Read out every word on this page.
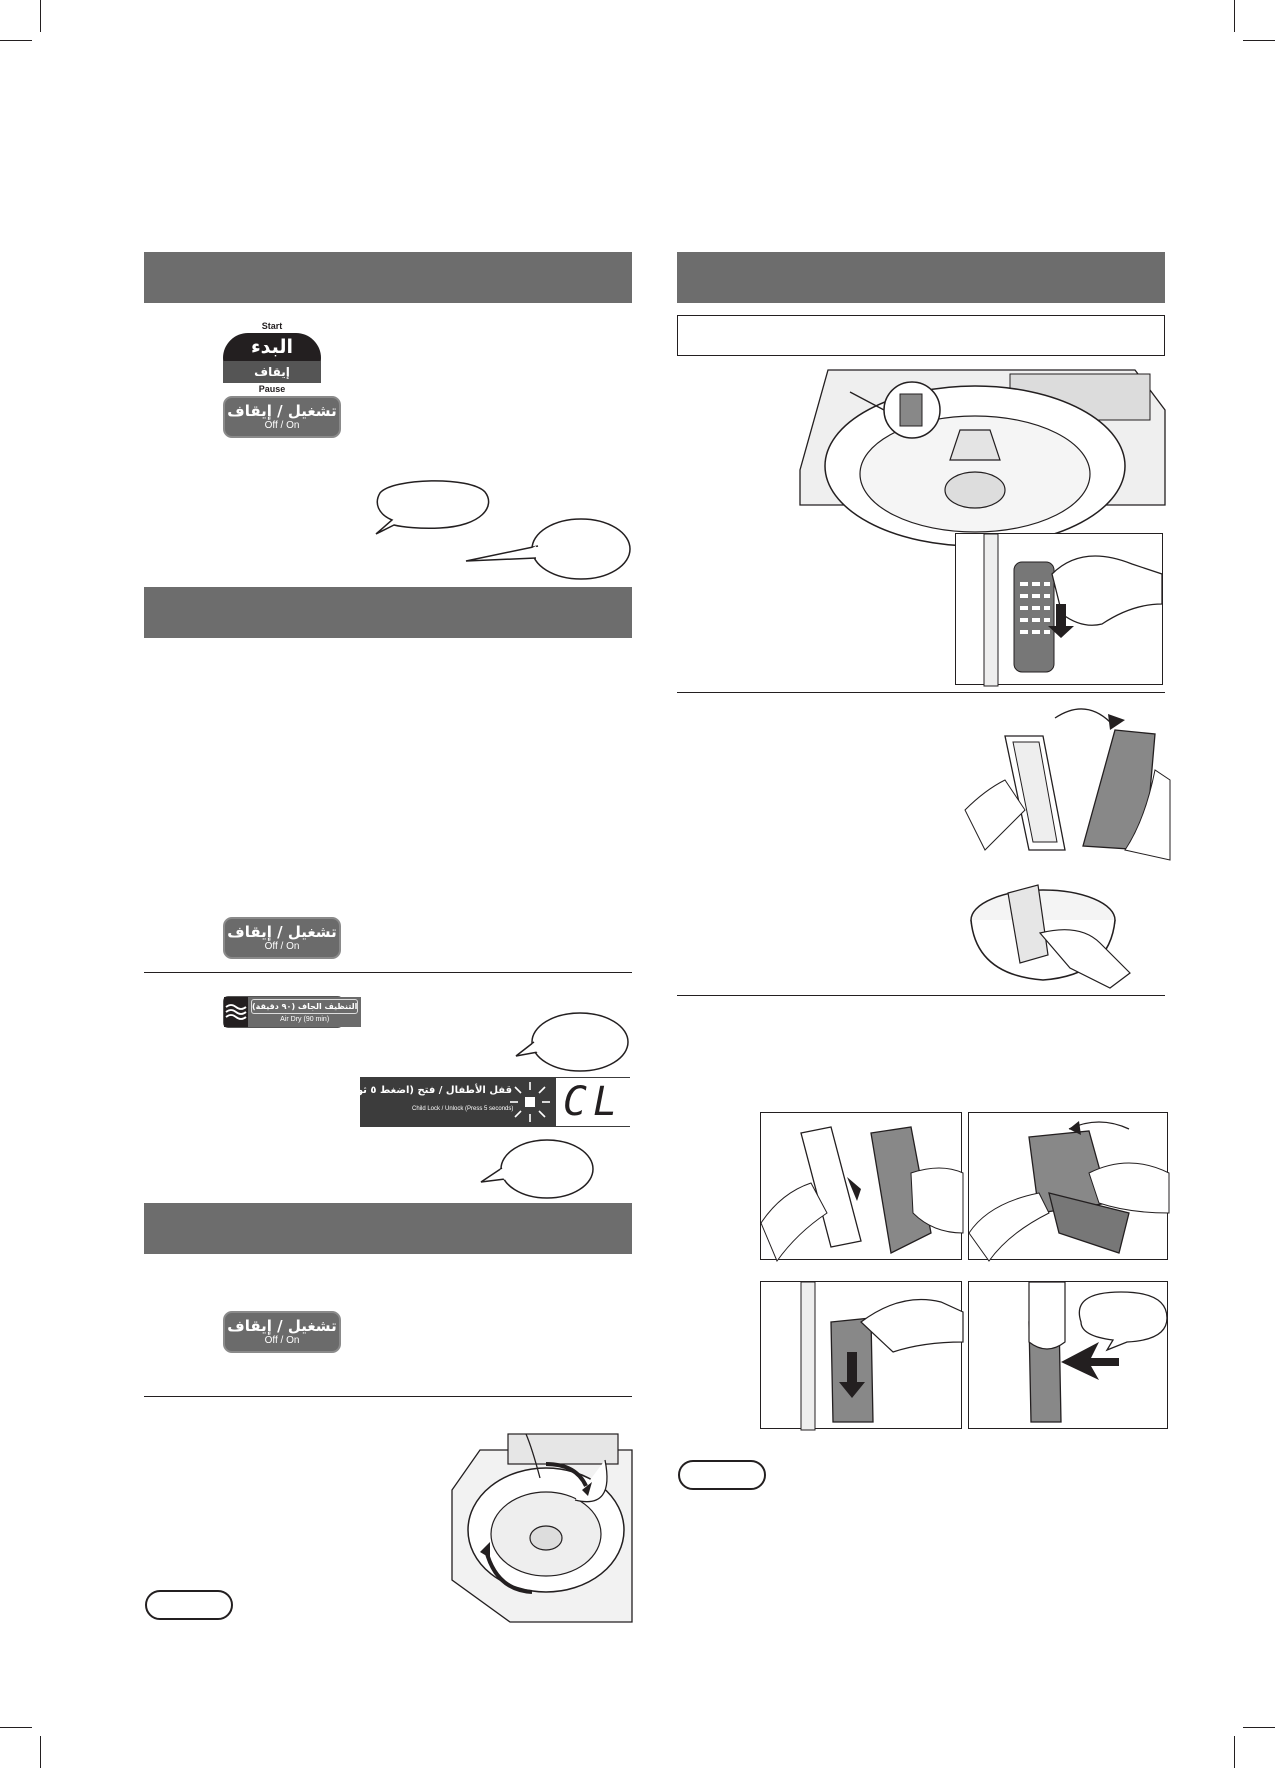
Start
البدء
إيقاف
Pause
تشغيل / إيقاف
Off / On
تشغيل / إيقاف
Off / On
التنظيف الجاف (٩٠ دقيقة)
Air Dry (90 min)
قفل الأطفال / فتح (اضغط ٥ ثواني)
Child Lock / Unlock (Press 5 seconds) CL
تشغيل / إيقاف
Off / On
